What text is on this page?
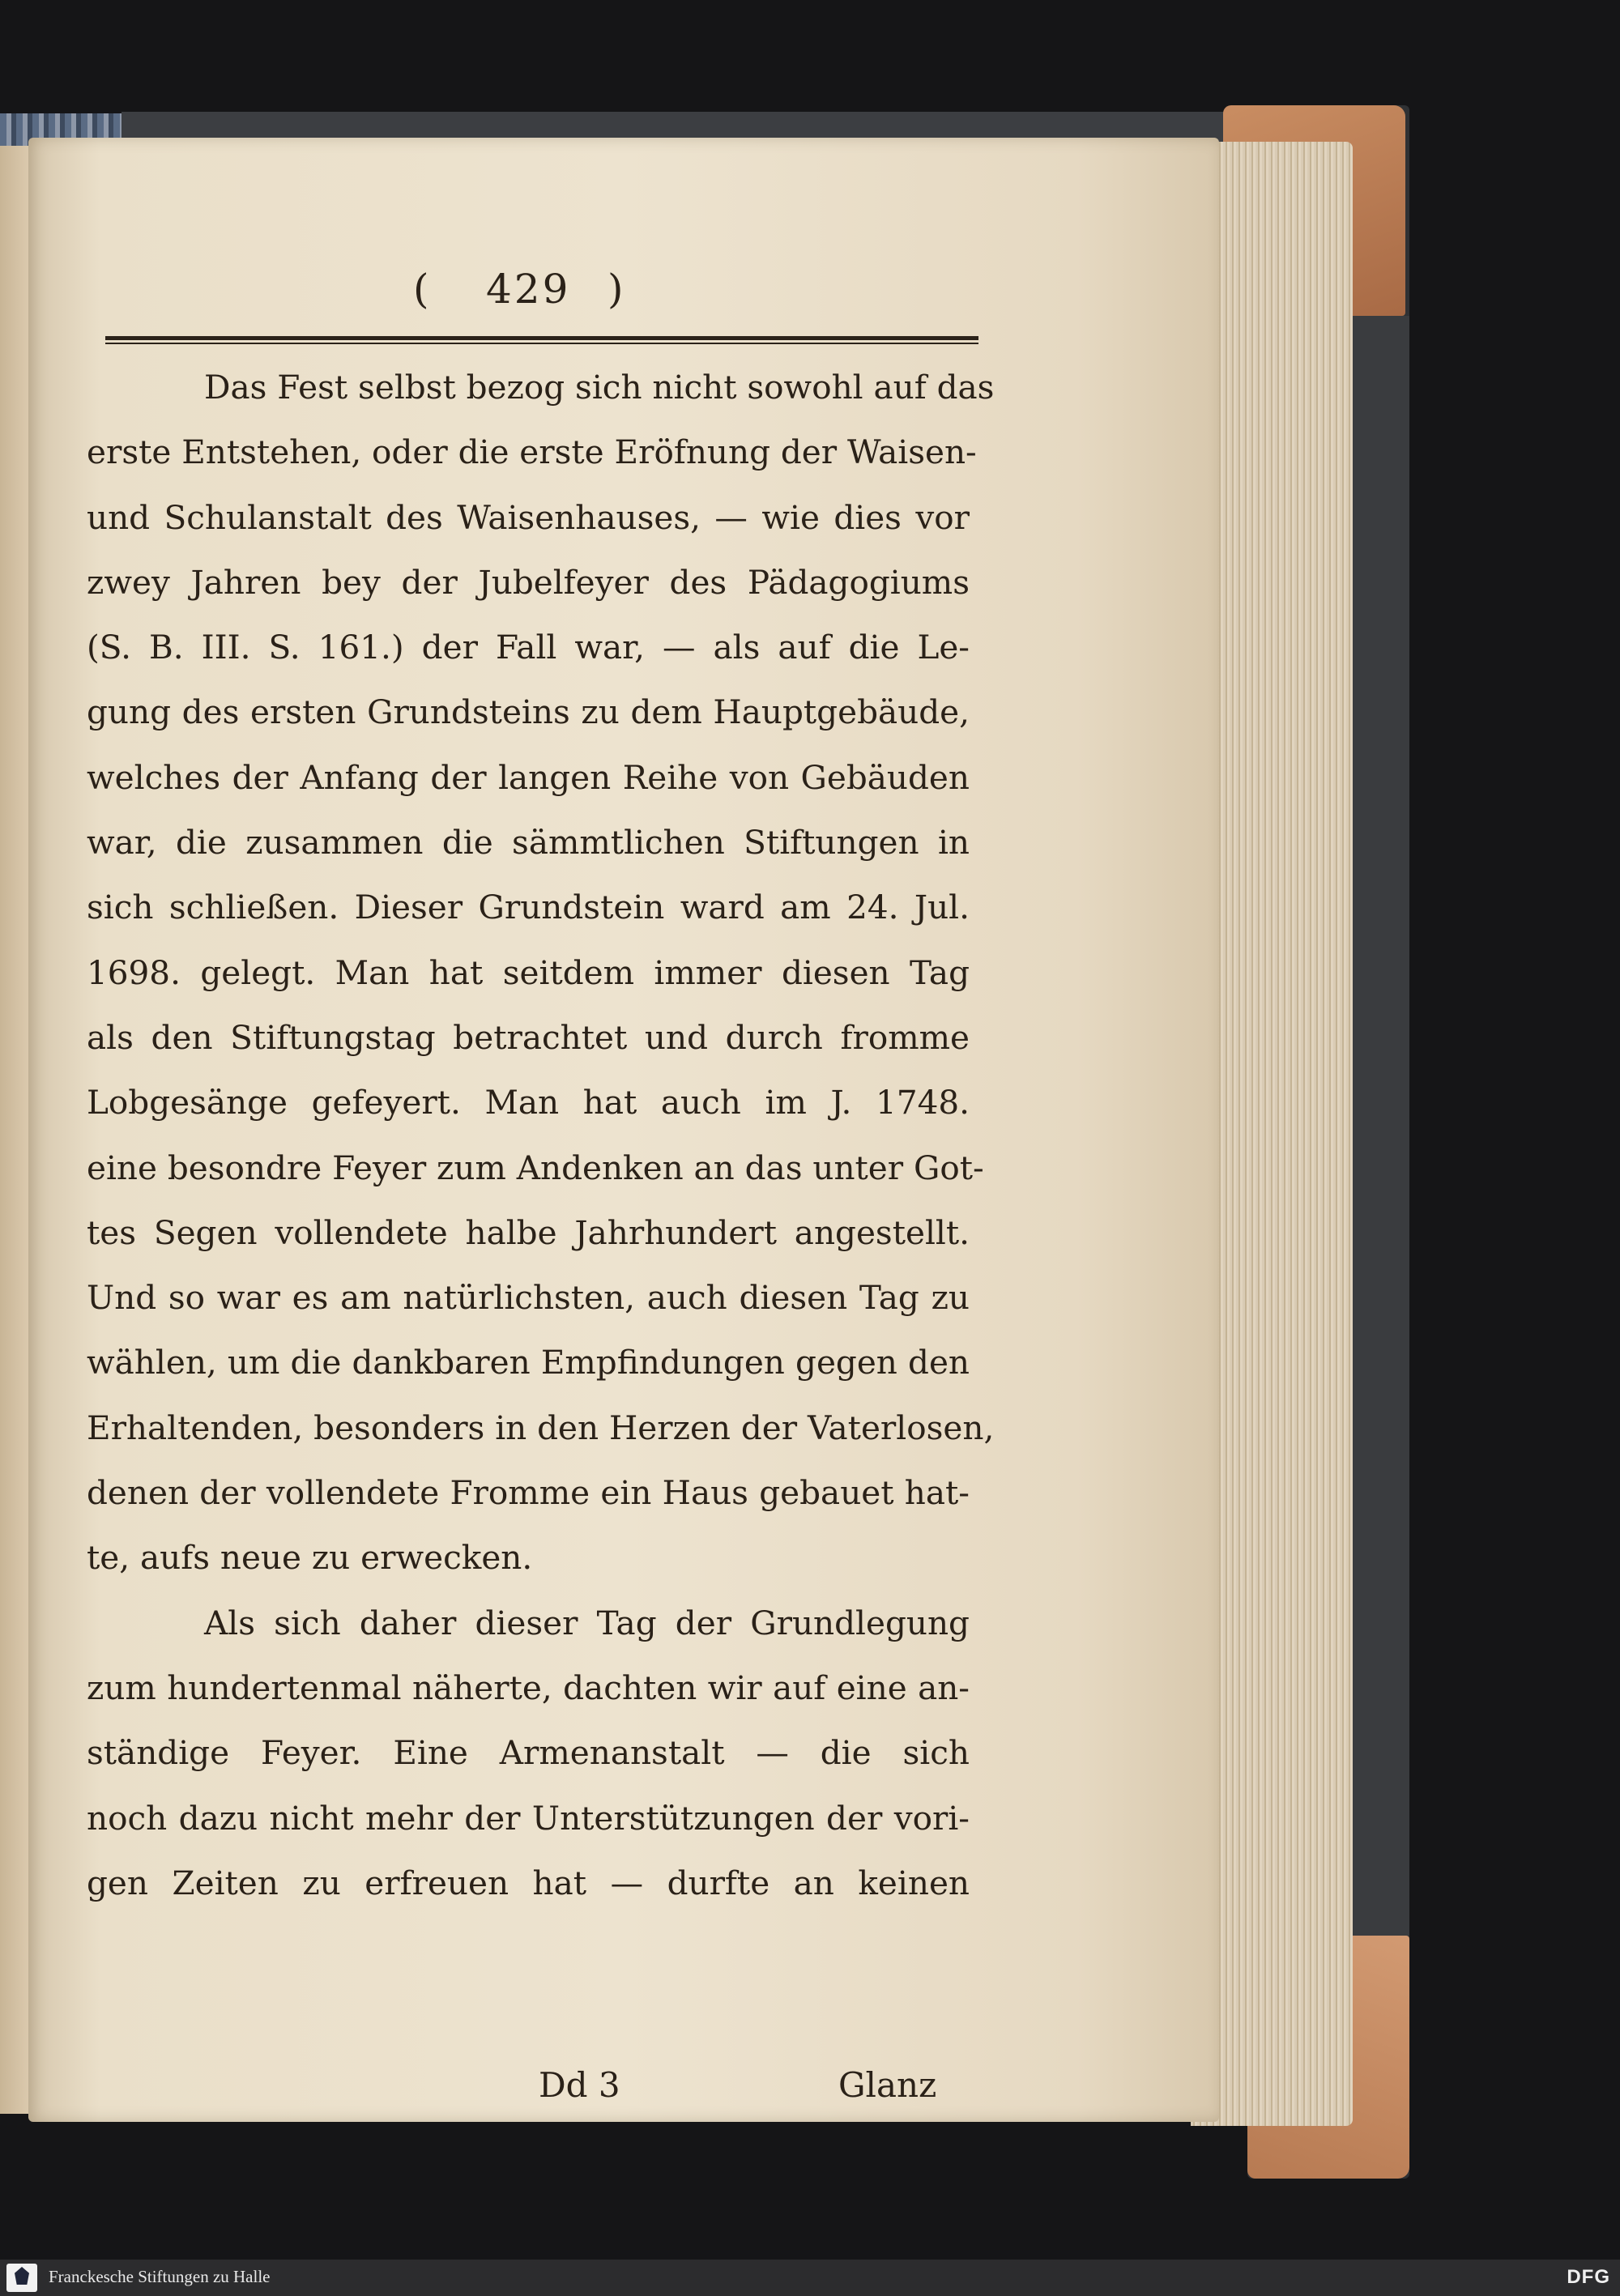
( 429 )
Das Fest selbst bezog sich nicht sowohl auf das
erste Entstehen, oder die erste Eröfnung der Waisen-
und Schulanstalt des Waisenhauses, — wie dies vor
zwey Jahren bey der Jubelfeyer des Pädagogiums
(S. B. III. S. 161.) der Fall war, — als auf die Le-
gung des ersten Grundsteins zu dem Hauptgebäude,
welches der Anfang der langen Reihe von Gebäuden
war, die zusammen die sämmtlichen Stiftungen in
sich schließen. Dieser Grundstein ward am 24. Jul.
1698. gelegt. Man hat seitdem immer diesen Tag
als den Stiftungstag betrachtet und durch fromme
Lobgesänge gefeyert. Man hat auch im J. 1748.
eine besondre Feyer zum Andenken an das unter Got-
tes Segen vollendete halbe Jahrhundert angestellt.
Und so war es am natürlichsten, auch diesen Tag zu
wählen, um die dankbaren Empfindungen gegen den
Erhaltenden, besonders in den Herzen der Vaterlosen,
denen der vollendete Fromme ein Haus gebauet hat-
te, aufs neue zu erwecken.
Als sich daher dieser Tag der Grundlegung
zum hundertenmal näherte, dachten wir auf eine an-
ständige Feyer. Eine Armenanstalt — die sich
noch dazu nicht mehr der Unterstützungen der vori-
gen Zeiten zu erfreuen hat — durfte an keinen
Dd 3	Glanz
Franckesche Stiftungen zu Halle	DFG
